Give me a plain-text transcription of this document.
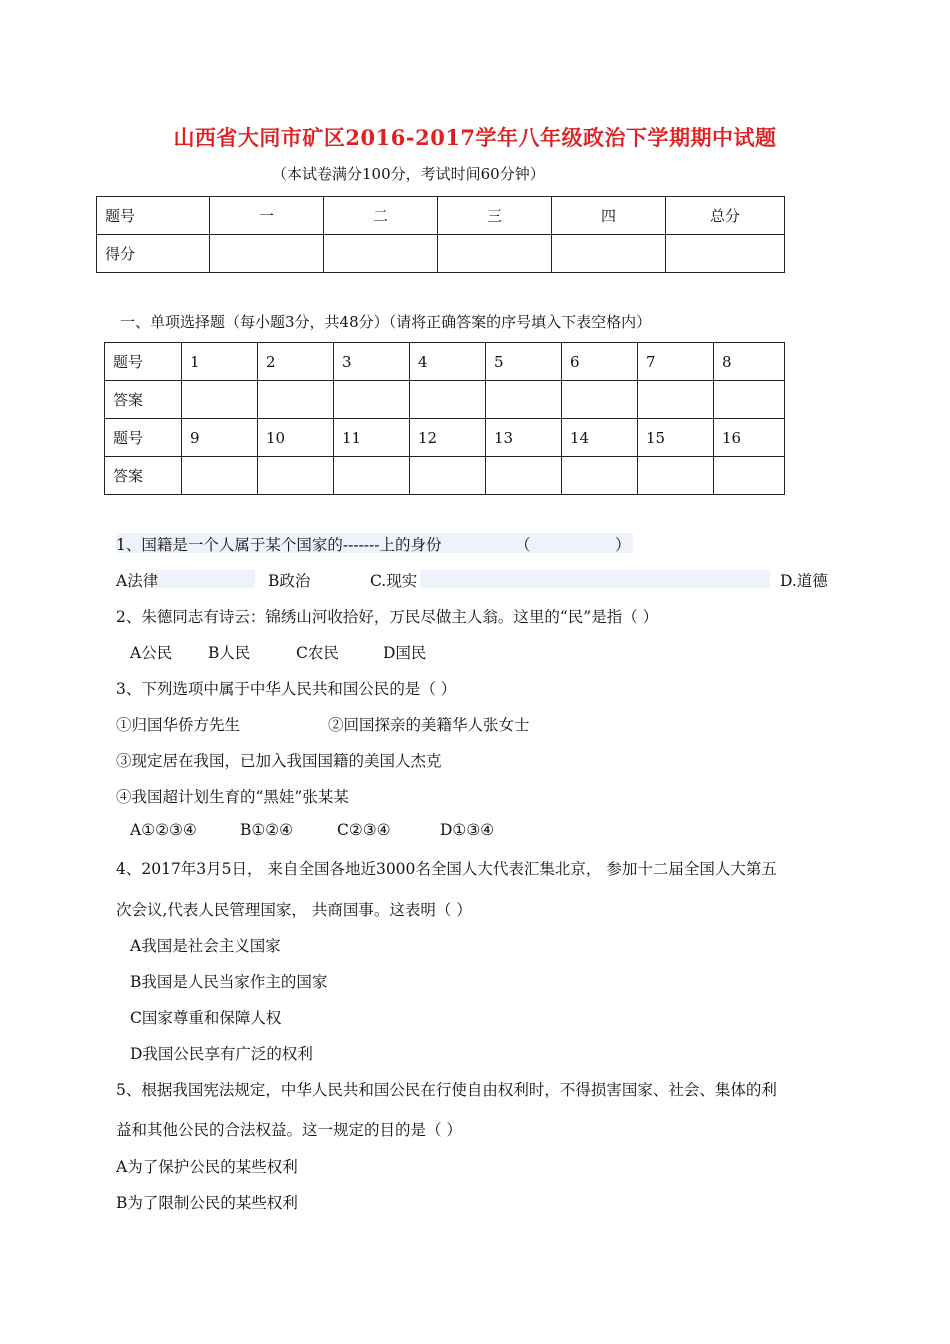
山西省大同市矿区2016-2017学年八年级政治下学期期中试题
（本试卷满分100分，考试时间60分钟）
题号	一	二	三	四	总分
得分					
一、单项选择题（每小题3分，共48分）（请将正确答案的序号填入下表空格内）
题号	1	2	3	4	5	6	7	8
答案								
题号	9	10	11	12	13	14	15	16
答案								
1、国籍是一个人属于某个国家的-------上的身份	（	）
A法律	B政治	C.现实	D.道德
2、朱德同志有诗云：锦绣山河收拾好，万民尽做主人翁。这里的“民”是指（ ）
A公民 B人民	C农民	D国民
3、下列选项中属于中华人民共和国公民的是（ ）
①归国华侨方先生	②回国探亲的美籍华人张女士
③现定居在我国，已加入我国国籍的美国人杰克
④我国超计划生育的“黑娃”张某某
A①②③④	B①②④	C②③④	D①③④
4、2017年3月5日， 来自全国各地近3000名全国人大代表汇集北京， 参加十二届全国人大第五
次会议,代表人民管理国家， 共商国事。这表明（ ）
A我国是社会主义国家
B我国是人民当家作主的国家
C国家尊重和保障人权
D我国公民享有广泛的权利
5、根据我国宪法规定，中华人民共和国公民在行使自由权利时，不得损害国家、社会、集体的利
益和其他公民的合法权益。这一规定的目的是（ ）
A为了保护公民的某些权利
B为了限制公民的某些权利
